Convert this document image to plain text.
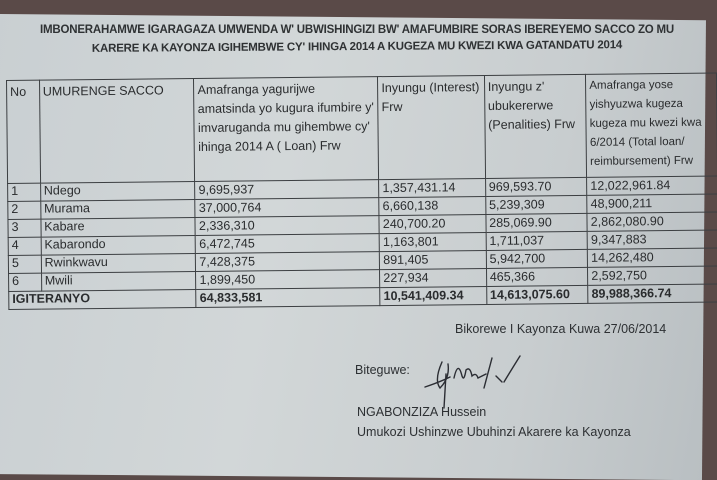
IMBONERAHAMWE IGARAGAZA UMWENDA W' UBWISHINGIZI BW' AMAFUMBIRE SORAS IBEREYEMO SACCO ZO MU
KARERE KA KAYONZA IGIHEMBWE CY' IHINGA 2014 A KUGEZA MU KWEZI KWA GATANDATU 2014
No	UMURENGE SACCO	Amafranga yagurijwe amatsinda yo kugura ifumbire y' imvaruganda mu gihembwe cy' ihinga 2014 A ( Loan) Frw	Inyungu (Interest) Frw	Inyungu z' ubukererwe (Penalities) Frw	Amafranga yose yishyuzwa kugeza kugeza mu kwezi kwa 6/2014 (Total loan/ reimbursement) Frw
1	Ndego	9,695,937	1,357,431.14	969,593.70	12,022,961.84
2	Murama	37,000,764	6,660,138	5,239,309	48,900,211
3	Kabare	2,336,310	240,700.20	285,069.90	2,862,080.90
4	Kabarondo	6,472,745	1,163,801	1,711,037	9,347,883
5	Rwinkwavu	7,428,375	891,405	5,942,700	14,262,480
6	Mwili	1,899,450	227,934	465,366	2,592,750
IGITERANYO		64,833,581	10,541,409.34	14,613,075.60	89,988,366.74
Bikorewe I Kayonza Kuwa 27/06/2014
Biteguwe:
NGABONZIZA Hussein
Umukozi Ushinzwe Ubuhinzi Akarere ka Kayonza
